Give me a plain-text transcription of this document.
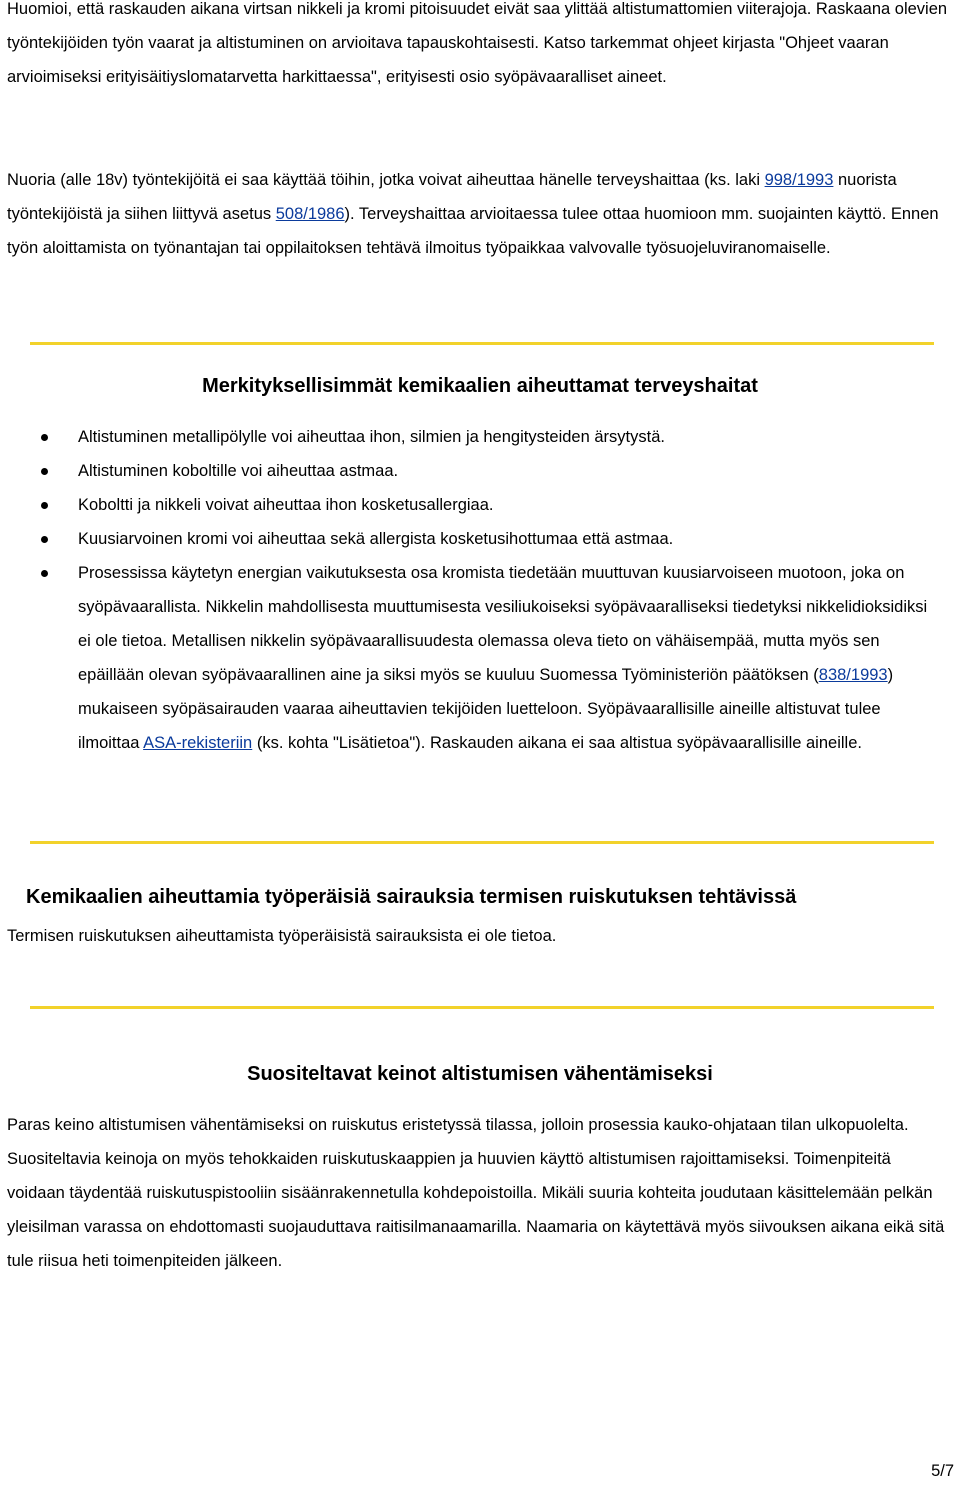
Huomioi, että raskauden aikana virtsan nikkeli ja kromi pitoisuudet eivät saa ylittää altistumattomien viiterajoja. Raskaana olevien työntekijöiden työn vaarat ja altistuminen on arvioitava tapauskohtaisesti. Katso tarkemmat ohjeet kirjasta "Ohjeet vaaran arvioimiseksi erityisäitiyslomatarvetta harkittaessa", erityisesti osio syöpävaaralliset aineet.

Nuoria (alle 18v) työntekijöitä ei saa käyttää töihin, jotka voivat aiheuttaa hänelle terveyshaittaa (ks. laki 998/1993 nuorista työntekijöistä ja siihen liittyvä asetus 508/1986). Terveyshaittaa arvioitaessa tulee ottaa huomioon mm. suojainten käyttö. Ennen työn aloittamista on työnantajan tai oppilaitoksen tehtävä ilmoitus työpaikkaa valvovalle työsuojeluviranomaiselle.

Merkityksellisimmät kemikaalien aiheuttamat terveyshaitat
Altistuminen metallipölylle voi aiheuttaa ihon, silmien ja hengitysteiden ärsytystä.
Altistuminen koboltille voi aiheuttaa astmaa.
Koboltti ja nikkeli voivat aiheuttaa ihon kosketusallergiaa.
Kuusiarvoinen kromi voi aiheuttaa sekä allergista kosketusihottumaa että astmaa.
Prosessissa käytetyn energian vaikutuksesta osa kromista tiedetään muuttuvan kuusiarvoiseen muotoon, joka on syöpävaarallista. Nikkelin mahdollisesta muuttumisesta vesiliukoiseksi syöpävaaralliseksi tiedetyksi nikkelidioksidiksi ei ole tietoa. Metallisen nikkelin syöpävaarallisuudesta olemassa oleva tieto on vähäisempää, mutta myös sen epäillään olevan syöpävaarallinen aine ja siksi myös se kuuluu Suomessa Työministeriön päätöksen (838/1993) mukaiseen syöpäsairauden vaaraa aiheuttavien tekijöiden luetteloon. Syöpävaarallisille aineille altistuvat tulee ilmoittaa ASA-rekisteriin (ks. kohta "Lisätietoa"). Raskauden aikana ei saa altistua syöpävaarallisille aineille.
Kemikaalien aiheuttamia työperäisiä sairauksia termisen ruiskutuksen tehtävissä

Termisen ruiskutuksen aiheuttamista työperäisistä sairauksista ei ole tietoa.

Suositeltavat keinot altistumisen vähentämiseksi

Paras keino altistumisen vähentämiseksi on ruiskutus eristetyssä tilassa, jolloin prosessia kauko-ohjataan tilan ulkopuolelta. Suositeltavia keinoja on myös tehokkaiden ruiskutuskaappien ja huuvien käyttö altistumisen rajoittamiseksi. Toimenpiteitä voidaan täydentää ruiskutuspistooliin sisäänrakennetulla kohdepoistoilla. Mikäli suuria kohteita joudutaan käsittelemään pelkän yleisilman varassa on ehdottomasti suojauduttava raitisilmanaamarilla. Naamaria on käytettävä myös siivouksen aikana eikä sitä tule riisua heti toimenpiteiden jälkeen.

5/7
